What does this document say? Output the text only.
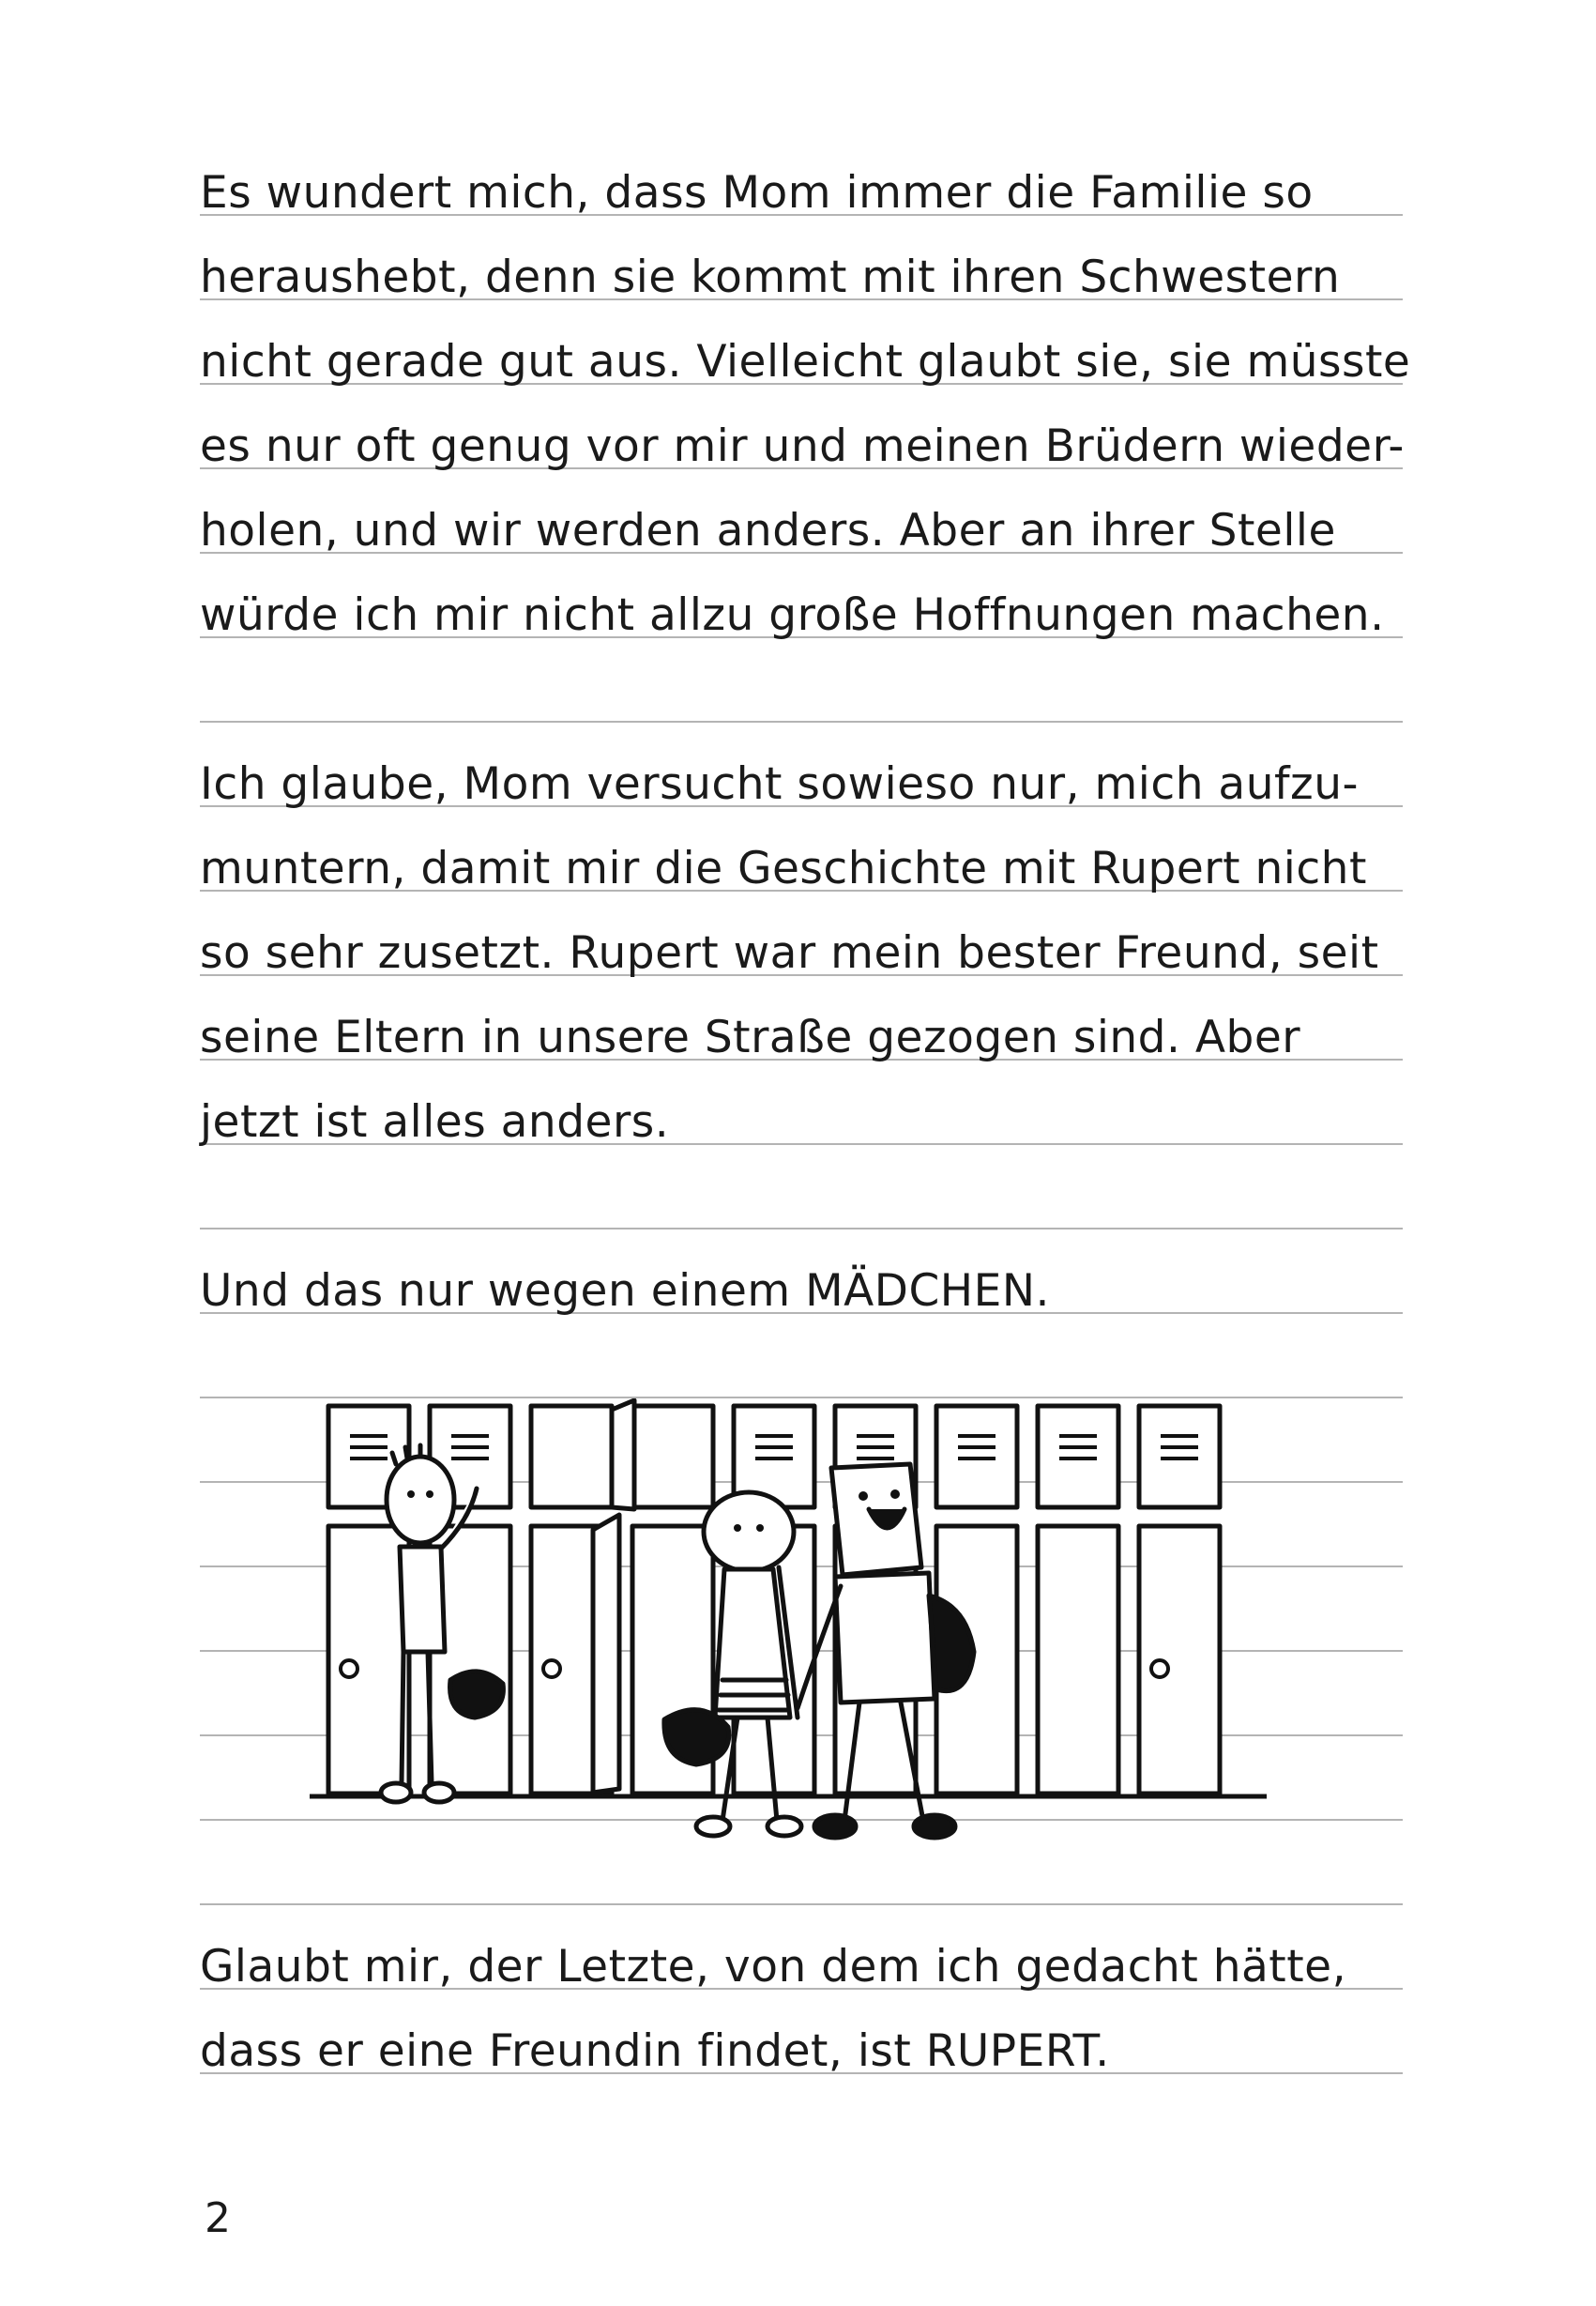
Es wundert mich, dass Mom immer die Familie so
heraushebt, denn sie kommt mit ihren Schwestern
nicht gerade gut aus. Vielleicht glaubt sie, sie müsste
es nur oft genug vor mir und meinen Brüdern wieder-
holen, und wir werden anders. Aber an ihrer Stelle
würde ich mir nicht allzu große Hoffnungen machen.
Ich glaube, Mom versucht sowieso nur, mich aufzu-
muntern, damit mir die Geschichte mit Rupert nicht
so sehr zusetzt. Rupert war mein bester Freund, seit
seine Eltern in unsere Straße gezogen sind. Aber
jetzt ist alles anders.
Und das nur wegen einem MÄDCHEN.
Glaubt mir, der Letzte, von dem ich gedacht hätte,
dass er eine Freundin findet, ist RUPERT.
2
